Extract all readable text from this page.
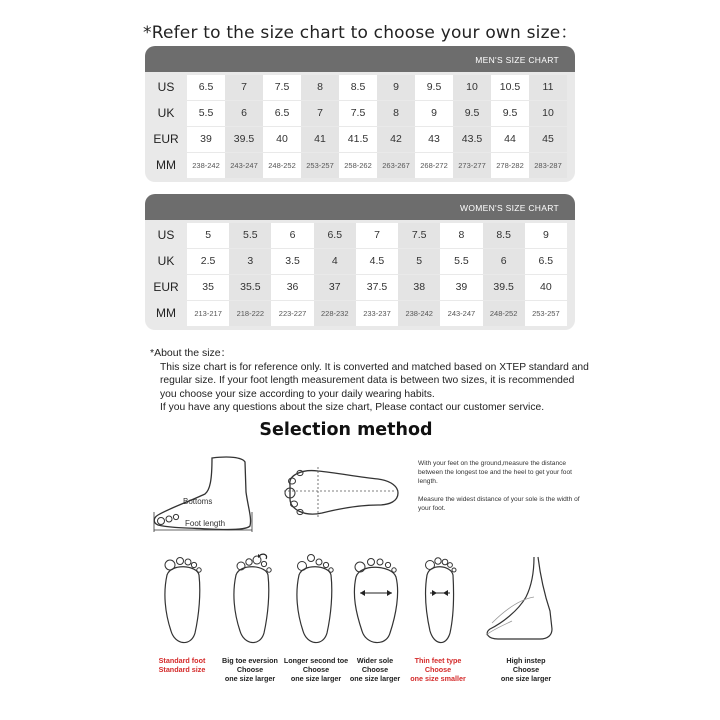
*Refer to the size chart to choose your own size：
MEN'S SIZE CHART
US	6.5	7	7.5	8	8.5	9	9.5	10	10.5	11
UK	5.5	6	6.5	7	7.5	8	9	9.5	9.5	10
EUR	39	39.5	40	41	41.5	42	43	43.5	44	45
MM	238-242	243-247	248-252	253-257	258-262	263-267	268-272	273-277	278-282	283-287
WOMEN'S SIZE CHART
US	5	5.5	6	6.5	7	7.5	8	8.5	9
UK	2.5	3	3.5	4	4.5	5	5.5	6	6.5
EUR	35	35.5	36	37	37.5	38	39	39.5	40
MM	213-217	218-222	223-227	228-232	233-237	238-242	243-247	248-252	253-257
*About the size：
This size chart is for reference only. It is converted and matched based on XTEP standard and
regular size. If your foot length measurement data is between two sizes, it is recommended
you choose your size according to your daily wearing habits.
If you have any questions about the size chart, Please contact our customer service.
Selection method
Bottoms
Foot length
With your feet on the ground,measure the distance between the longest toe and the heel to get your foot length.
Measure the widest distance of your sole is the width of your foot.
Standard foot
Standard size
Big toe eversion
Choose
one size larger
Longer second toe
Choose
one size larger
Wider sole
Choose
one size larger
Thin feet type
Choose
one size smaller
High instep
Choose
one size larger
